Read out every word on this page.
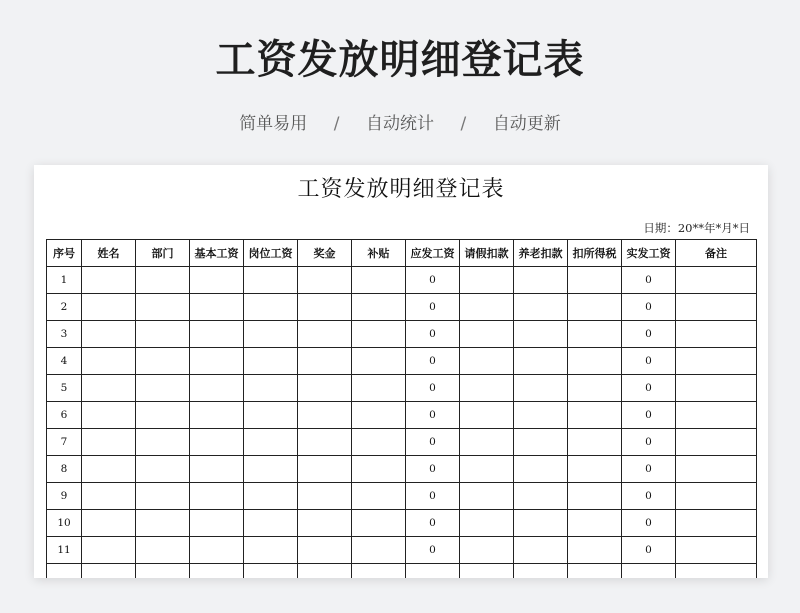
工资发放明细登记表
简单易用 / 自动统计 / 自动更新
工资发放明细登记表
日期：20**年*月*日
序号	姓名	部门	基本工资	岗位工资	奖金	补贴	应发工资	请假扣款	养老扣款	扣所得税	实发工资	备注
1							0				0	
2							0				0	
3							0				0	
4							0				0	
5							0				0	
6							0				0	
7							0				0	
8							0				0	
9							0				0	
10							0				0	
11							0				0	
